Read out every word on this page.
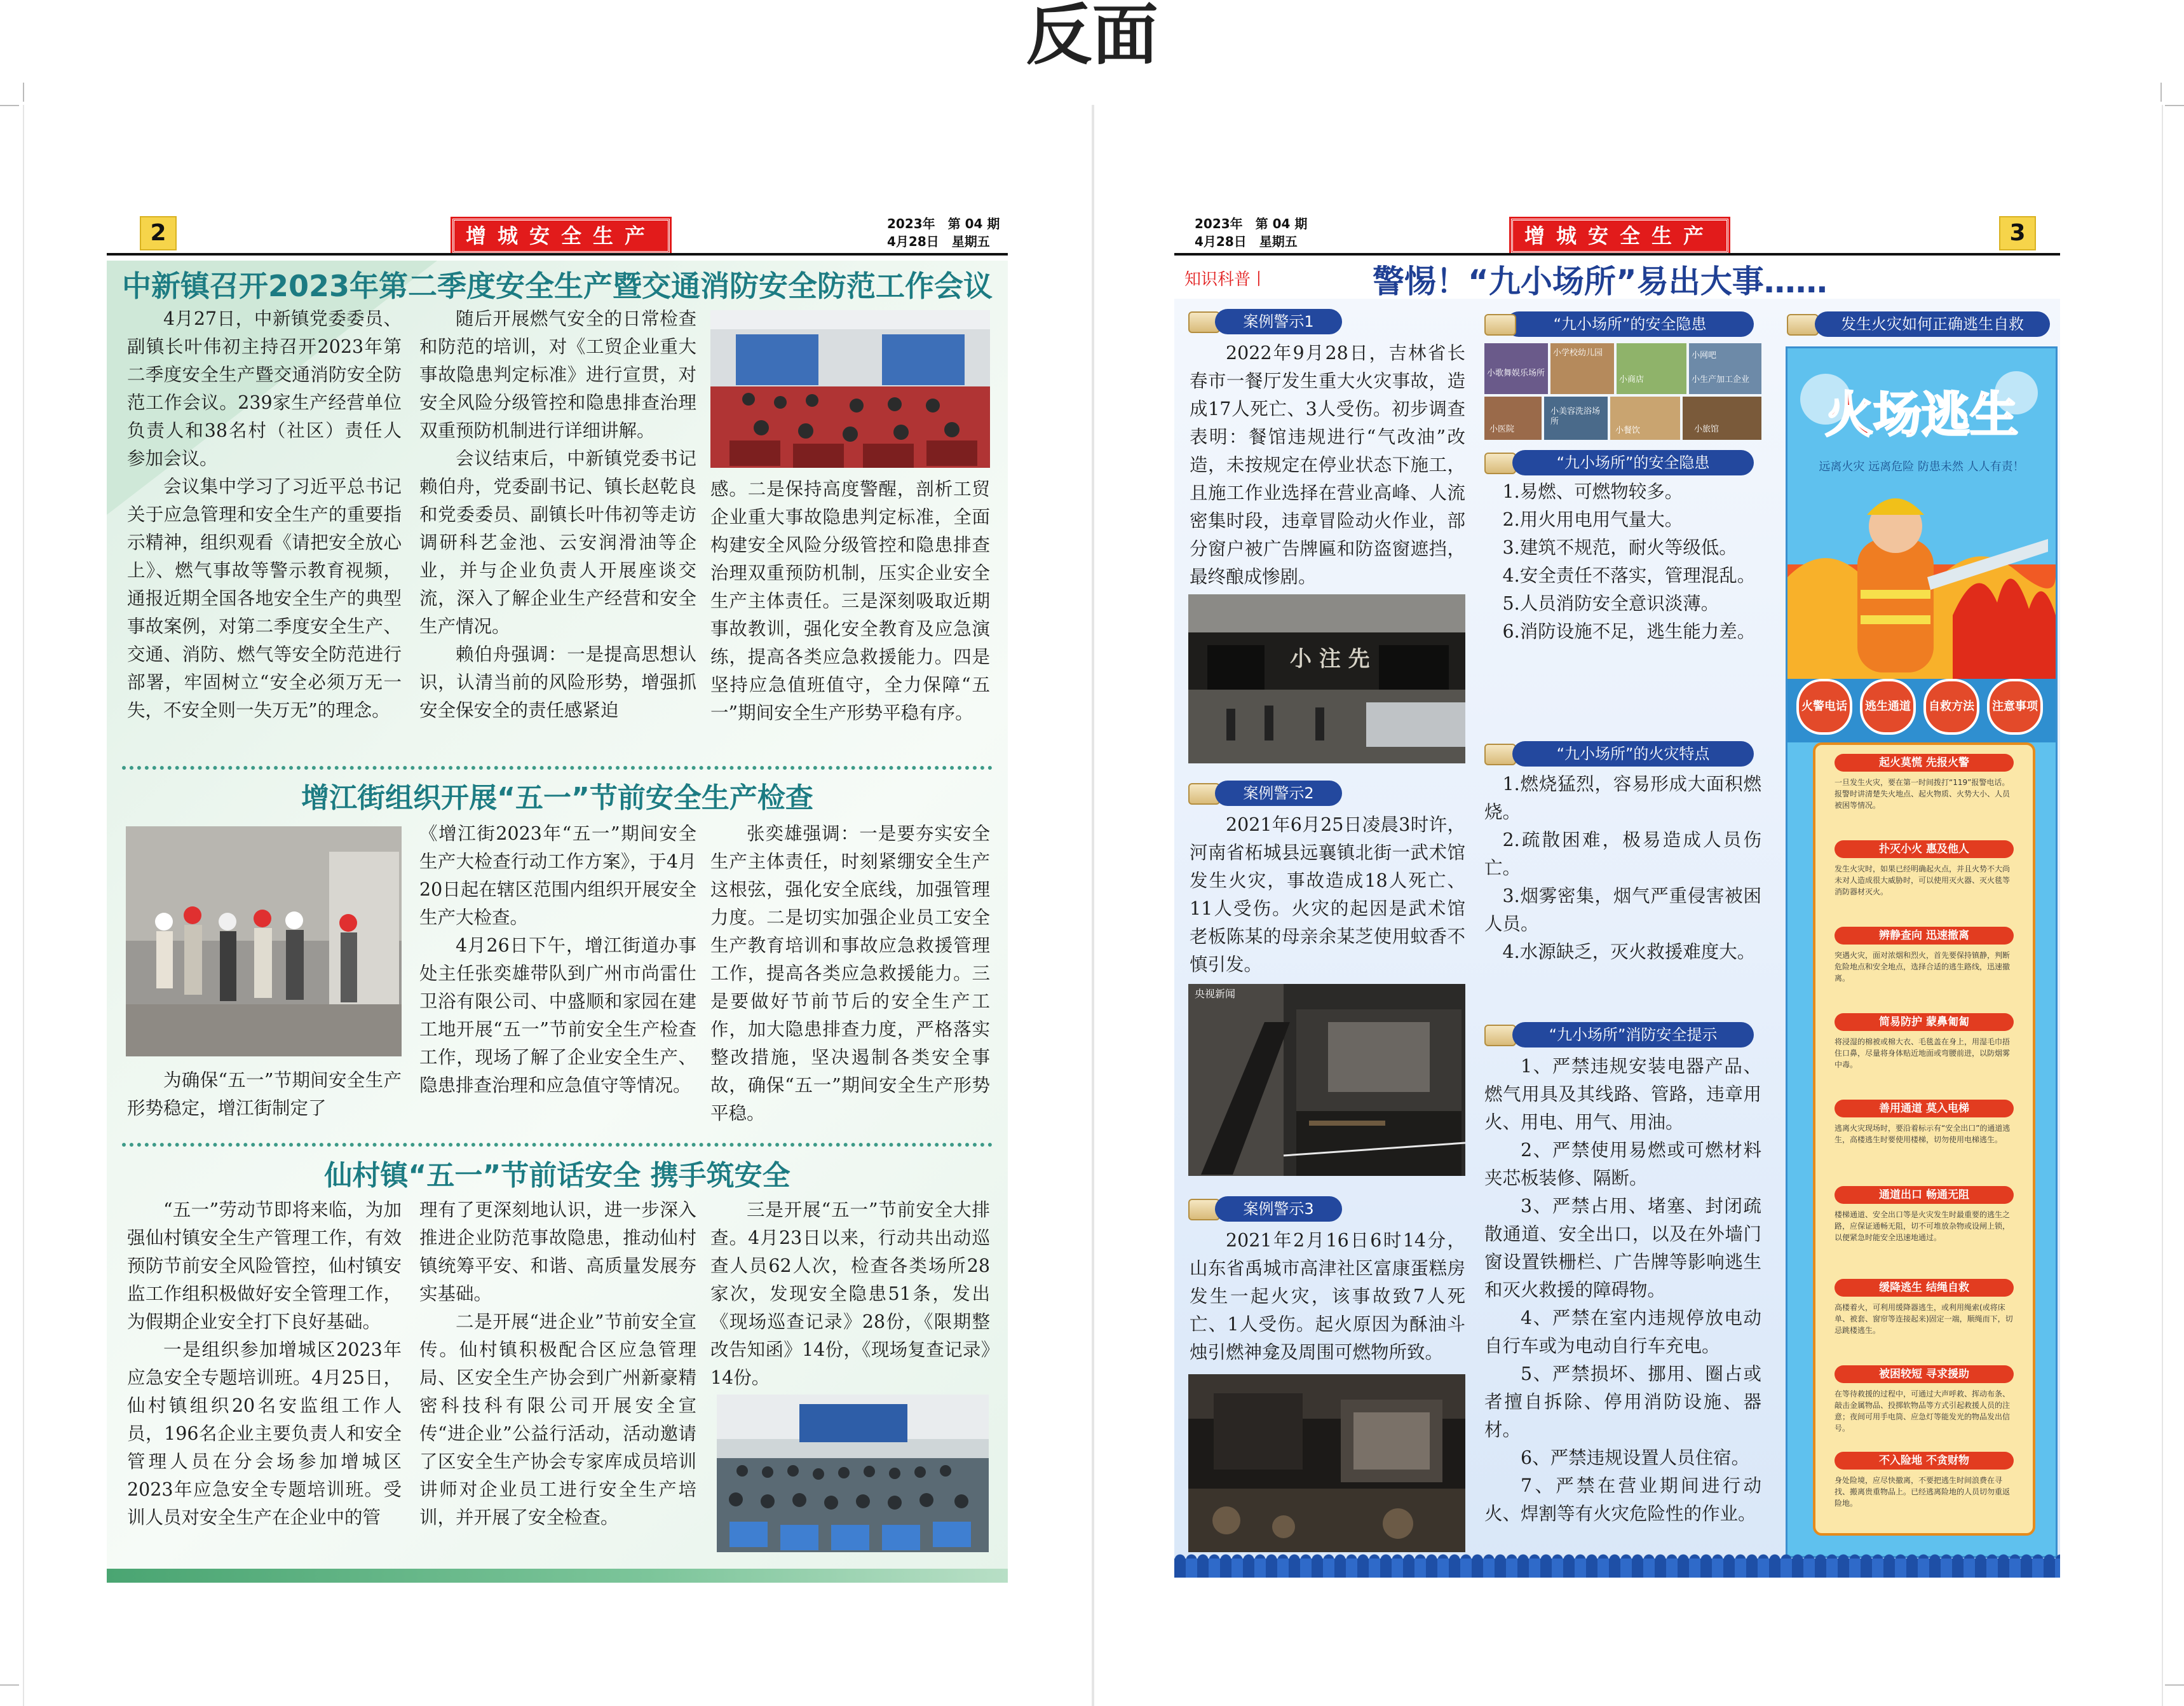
反面
2	增城安全生产	2023年　第 04 期
4月28日　星期五
中新镇召开2023年第二季度安全生产暨交通消防安全防范工作会议

4月27日，中新镇党委委员、副镇长叶伟初主持召开2023年第二季度安全生产暨交通消防安全防范工作会议。239家生产经营单位负责人和38名村（社区）责任人参加会议。

会议集中学习了习近平总书记关于应急管理和安全生产的重要指示精神，组织观看《请把安全放心上》、燃气事故等警示教育视频，通报近期全国各地安全生产的典型事故案例，对第二季度安全生产、交通、消防、燃气等安全防范进行部署，牢固树立“安全必须万无一失，不安全则一失万无”的理念。

随后开展燃气安全的日常检查和防范的培训，对《工贸企业重大事故隐患判定标准》进行宣贯，对安全风险分级管控和隐患排查治理双重预防机制进行详细讲解。

会议结束后，中新镇党委书记赖伯舟，党委副书记、镇长赵乾良和党委委员、副镇长叶伟初等走访调研科艺金池、云安润滑油等企业，并与企业负责人开展座谈交流，深入了解企业生产经营和安全生产情况。

赖伯舟强调：一是提高思想认识，认清当前的风险形势，增强抓安全保安全的责任感紧迫

感。二是保持高度警醒，剖析工贸企业重大事故隐患判定标准，全面构建安全风险分级管控和隐患排查治理双重预防机制，压实企业安全生产主体责任。三是深刻吸取近期事故教训，强化安全教育及应急演练，提高各类应急救援能力。四是坚持应急值班值守，全力保障“五一”期间安全生产形势平稳有序。
增江街组织开展“五一”节前安全生产检查
为确保“五一”节期间安全生产形势稳定，增江街制定了

《增江街2023年“五一”期间安全生产大检查行动工作方案》，于4月20日起在辖区范围内组织开展安全生产大检查。

4月26日下午，增江街道办事处主任张奕雄带队到广州市尚雷仕卫浴有限公司、中盛顺和家园在建工地开展“五一”节前安全生产检查工作，现场了解了企业安全生产、隐患排查治理和应急值守等情况。

张奕雄强调：一是要夯实安全生产主体责任，时刻紧绷安全生产这根弦，强化安全底线，加强管理力度。二是切实加强企业员工安全生产教育培训和事故应急救援管理工作，提高各类应急救援能力。三是要做好节前节后的安全生产工作，加大隐患排查力度，严格落实整改措施，坚决遏制各类安全事故，确保“五一”期间安全生产形势平稳。
仙村镇“五一”节前话安全 携手筑安全

“五一”劳动节即将来临，为加强仙村镇安全生产管理工作，有效预防节前安全风险管控，仙村镇安监工作组积极做好安全管理工作，为假期企业安全打下良好基础。

一是组织参加增城区2023年应急安全专题培训班。4月25日，仙村镇组织20名安监组工作人员，196名企业主要负责人和安全管理人员在分会场参加增城区2023年应急安全专题培训班。受训人员对安全生产在企业中的管

理有了更深刻地认识，进一步深入推进企业防范事故隐患，推动仙村镇统筹平安、和谐、高质量发展夯实基础。

二是开展“进企业”节前安全宣传。仙村镇积极配合区应急管理局、区安全生产协会到广州新豪精密科技科有限公司开展安全宣传“进企业”公益行活动，活动邀请了区安全生产协会专家库成员培训讲师对企业员工进行安全生产培训，并开展了安全检查。

三是开展“五一”节前安全大排查。4月23日以来，行动共出动巡查人员62人次，检查各类场所28家次，发现安全隐患51条，发出《现场巡查记录》28份，《限期整改告知函》14份，《现场复查记录》14份。
2023年　第 04 期
4月28日　星期五	增城安全生产	3
知识科普丨	警惕！“九小场所”易出大事……
案例警示1
2022年9月28日，吉林省长春市一餐厅发生重大火灾事故，造成17人死亡、3人受伤。初步调查表明：餐馆违规进行“气改油”改造，未按规定在停业状态下施工，且施工作业选择在营业高峰、人流密集时段，违章冒险动火作业，部分窗户被广告牌匾和防盗窗遮挡，最终酿成惨剧。
小 注 先
案例警示2
2021年6月25日凌晨3时许，河南省柘城县远襄镇北街一武术馆发生火灾，事故造成18人死亡、11人受伤。火灾的起因是武术馆老板陈某的母亲余某芝使用蚊香不慎引发。
央视新闻
案例警示3
2021年2月16日6时14分，山东省禹城市高津社区富康蛋糕房发生一起火灾，该事故致7人死亡、1人受伤。起火原因为酥油斗烛引燃神龛及周围可燃物所致。
“九小场所”的安全隐患
小歌舞娱乐场所
小学校幼儿园
小医院
小网吧
小美容洗浴场所
小商店
小餐饮	小旅馆
小生产加工企业
“九小场所”的安全隐患

1.易燃、可燃物较多。

2.用火用电用气量大。

3.建筑不规范，耐火等级低。

4.安全责任不落实，管理混乱。

5.人员消防安全意识淡薄。

6.消防设施不足，逃生能力差。

“九小场所”的火灾特点

1.燃烧猛烈，容易形成大面积燃烧。

2.疏散困难，极易造成人员伤亡。

3.烟雾密集，烟气严重侵害被困人员。

4.水源缺乏，灭火救援难度大。

“九小场所”消防安全提示

1、严禁违规安装电器产品、燃气用具及其线路、管路，违章用火、用电、用气、用油。

2、严禁使用易燃或可燃材料夹芯板装修、隔断。

3、严禁占用、堵塞、封闭疏散通道、安全出口，以及在外墙门窗设置铁栅栏、广告牌等影响逃生和灭火救援的障碍物。

4、严禁在室内违规停放电动自行车或为电动自行车充电。

5、严禁损坏、挪用、圈占或者擅自拆除、停用消防设施、器材。

6、严禁违规设置人员住宿。

7、严禁在营业期间进行动火、焊割等有火灾危险性的作业。

发生火灾如何正确逃生自救
火场逃生
远离火灾 远离危险 防患未然 人人有责！
火警电话	逃生通道	自救方法	注意事项
起火莫慌 先报火警
一旦发生火灾，要在第一时间拨打“119”报警电话。报警时讲清楚失火地点、起火物质、火势大小、人员被困等情况。
扑灭小火 惠及他人
发生火灾时，如果已经明确起火点，并且火势不大尚未对人造成很大威胁时，可以使用灭火器、灭火毯等消防器材灭火。
辨静查向 迅速撤离
突遇火灾，面对浓烟和烈火，首先要保持镇静，判断危险地点和安全地点，选择合适的逃生路线，迅速撤离。
简易防护 蒙鼻匍匐
将浸湿的棉被或棉大衣、毛毯盖在身上，用湿毛巾捂住口鼻，尽量将身体贴近地面或弯腰前进，以防烟雾中毒。
善用通道 莫入电梯
逃离火灾现场时，要沿着标示有“安全出口”的通道逃生，高楼逃生时要使用楼梯，切勿使用电梯逃生。
通道出口 畅通无阻
楼梯通道、安全出口等是火灾发生时最重要的逃生之路，应保证通畅无阻，切不可堆放杂物或设闸上锁，以便紧急时能安全迅速地通过。
缓降逃生 结绳自救
高楼着火，可利用缓降器逃生，或利用绳索(或将床单、被套、窗帘等连接起来)固定一端，顺绳而下，切忌跳楼逃生。
被困较短 寻求援助
在等待救援的过程中，可通过大声呼救、挥动布条、敲击金属物品、投掷软物品等方式引起救援人员的注意；夜间可用手电筒、应急灯等能发光的物品发出信号。
不入险地 不贪财物
身处险境，应尽快撤离，不要把逃生时间浪费在寻找、搬离贵重物品上。已经逃离险地的人员切勿重返险地。
